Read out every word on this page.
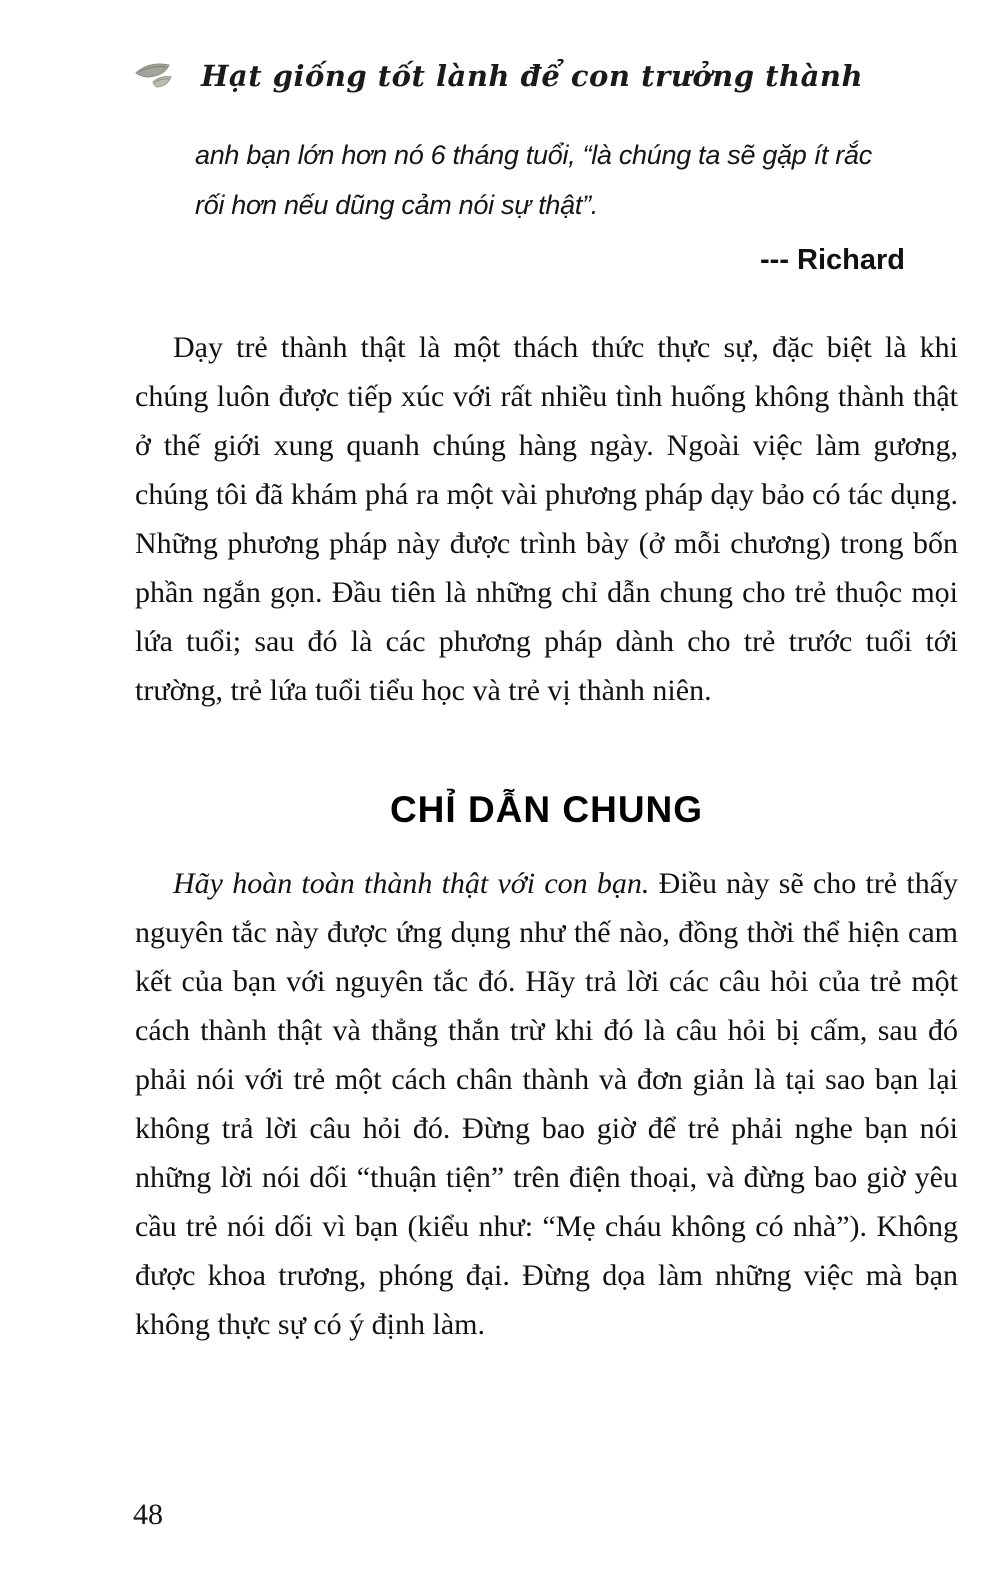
Hạt giống tốt lành để con trưởng thành

anh bạn lớn hơn nó 6 tháng tuổi, “là chúng ta sẽ gặp ít rắc rối hơn nếu dũng cảm nói sự thật”.

--- Richard

Dạy trẻ thành thật là một thách thức thực sự, đặc biệt là khi chúng luôn được tiếp xúc với rất nhiều tình huống không thành thật ở thế giới xung quanh chúng hàng ngày. Ngoài việc làm gương, chúng tôi đã khám phá ra một vài phương pháp dạy bảo có tác dụng. Những phương pháp này được trình bày (ở mỗi chương) trong bốn phần ngắn gọn. Đầu tiên là những chỉ dẫn chung cho trẻ thuộc mọi lứa tuổi; sau đó là các phương pháp dành cho trẻ trước tuổi tới trường, trẻ lứa tuổi tiểu học và trẻ vị thành niên.

CHỈ DẪN CHUNG

Hãy hoàn toàn thành thật với con bạn. Điều này sẽ cho trẻ thấy nguyên tắc này được ứng dụng như thế nào, đồng thời thể hiện cam kết của bạn với nguyên tắc đó. Hãy trả lời các câu hỏi của trẻ một cách thành thật và thẳng thắn trừ khi đó là câu hỏi bị cấm, sau đó phải nói với trẻ một cách chân thành và đơn giản là tại sao bạn lại không trả lời câu hỏi đó. Đừng bao giờ để trẻ phải nghe bạn nói những lời nói dối “thuận tiện” trên điện thoại, và đừng bao giờ yêu cầu trẻ nói dối vì bạn (kiểu như: “Mẹ cháu không có nhà”). Không được khoa trương, phóng đại. Đừng dọa làm những việc mà bạn không thực sự có ý định làm.

48
